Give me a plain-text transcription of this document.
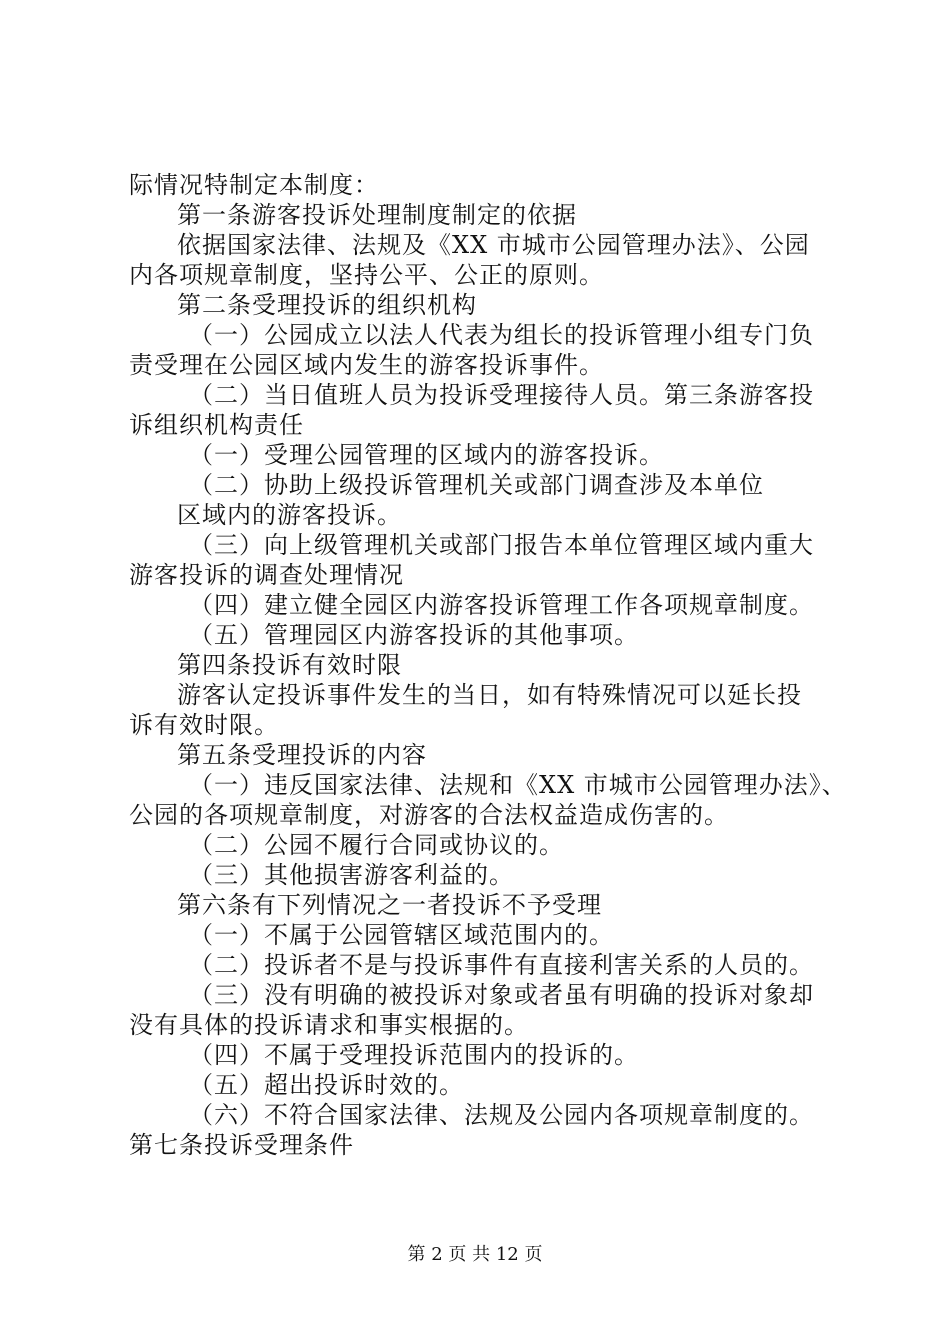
际情况特制定本制度：
第一条游客投诉处理制度制定的依据
依据国家法律、法规及《XX 市城市公园管理办法》、公园
内各项规章制度，坚持公平、公正的原则。
第二条受理投诉的组织机构
（一）公园成立以法人代表为组长的投诉管理小组专门负
责受理在公园区域内发生的游客投诉事件。
（二）当日值班人员为投诉受理接待人员。第三条游客投
诉组织机构责任
（一）受理公园管理的区域内的游客投诉。
（二）协助上级投诉管理机关或部门调查涉及本单位
区域内的游客投诉。
（三）向上级管理机关或部门报告本单位管理区域内重大
游客投诉的调查处理情况
（四）建立健全园区内游客投诉管理工作各项规章制度。
（五）管理园区内游客投诉的其他事项。
第四条投诉有效时限
游客认定投诉事件发生的当日，如有特殊情况可以延长投
诉有效时限。
第五条受理投诉的内容
（一）违反国家法律、法规和《XX 市城市公园管理办法》、
公园的各项规章制度，对游客的合法权益造成伤害的。
（二）公园不履行合同或协议的。
（三）其他损害游客利益的。
第六条有下列情况之一者投诉不予受理
（一）不属于公园管辖区域范围内的。
（二）投诉者不是与投诉事件有直接利害关系的人员的。
（三）没有明确的被投诉对象或者虽有明确的投诉对象却
没有具体的投诉请求和事实根据的。
（四）不属于受理投诉范围内的投诉的。
（五）超出投诉时效的。
（六）不符合国家法律、法规及公园内各项规章制度的。
第七条投诉受理条件
第 2 页 共 12 页
